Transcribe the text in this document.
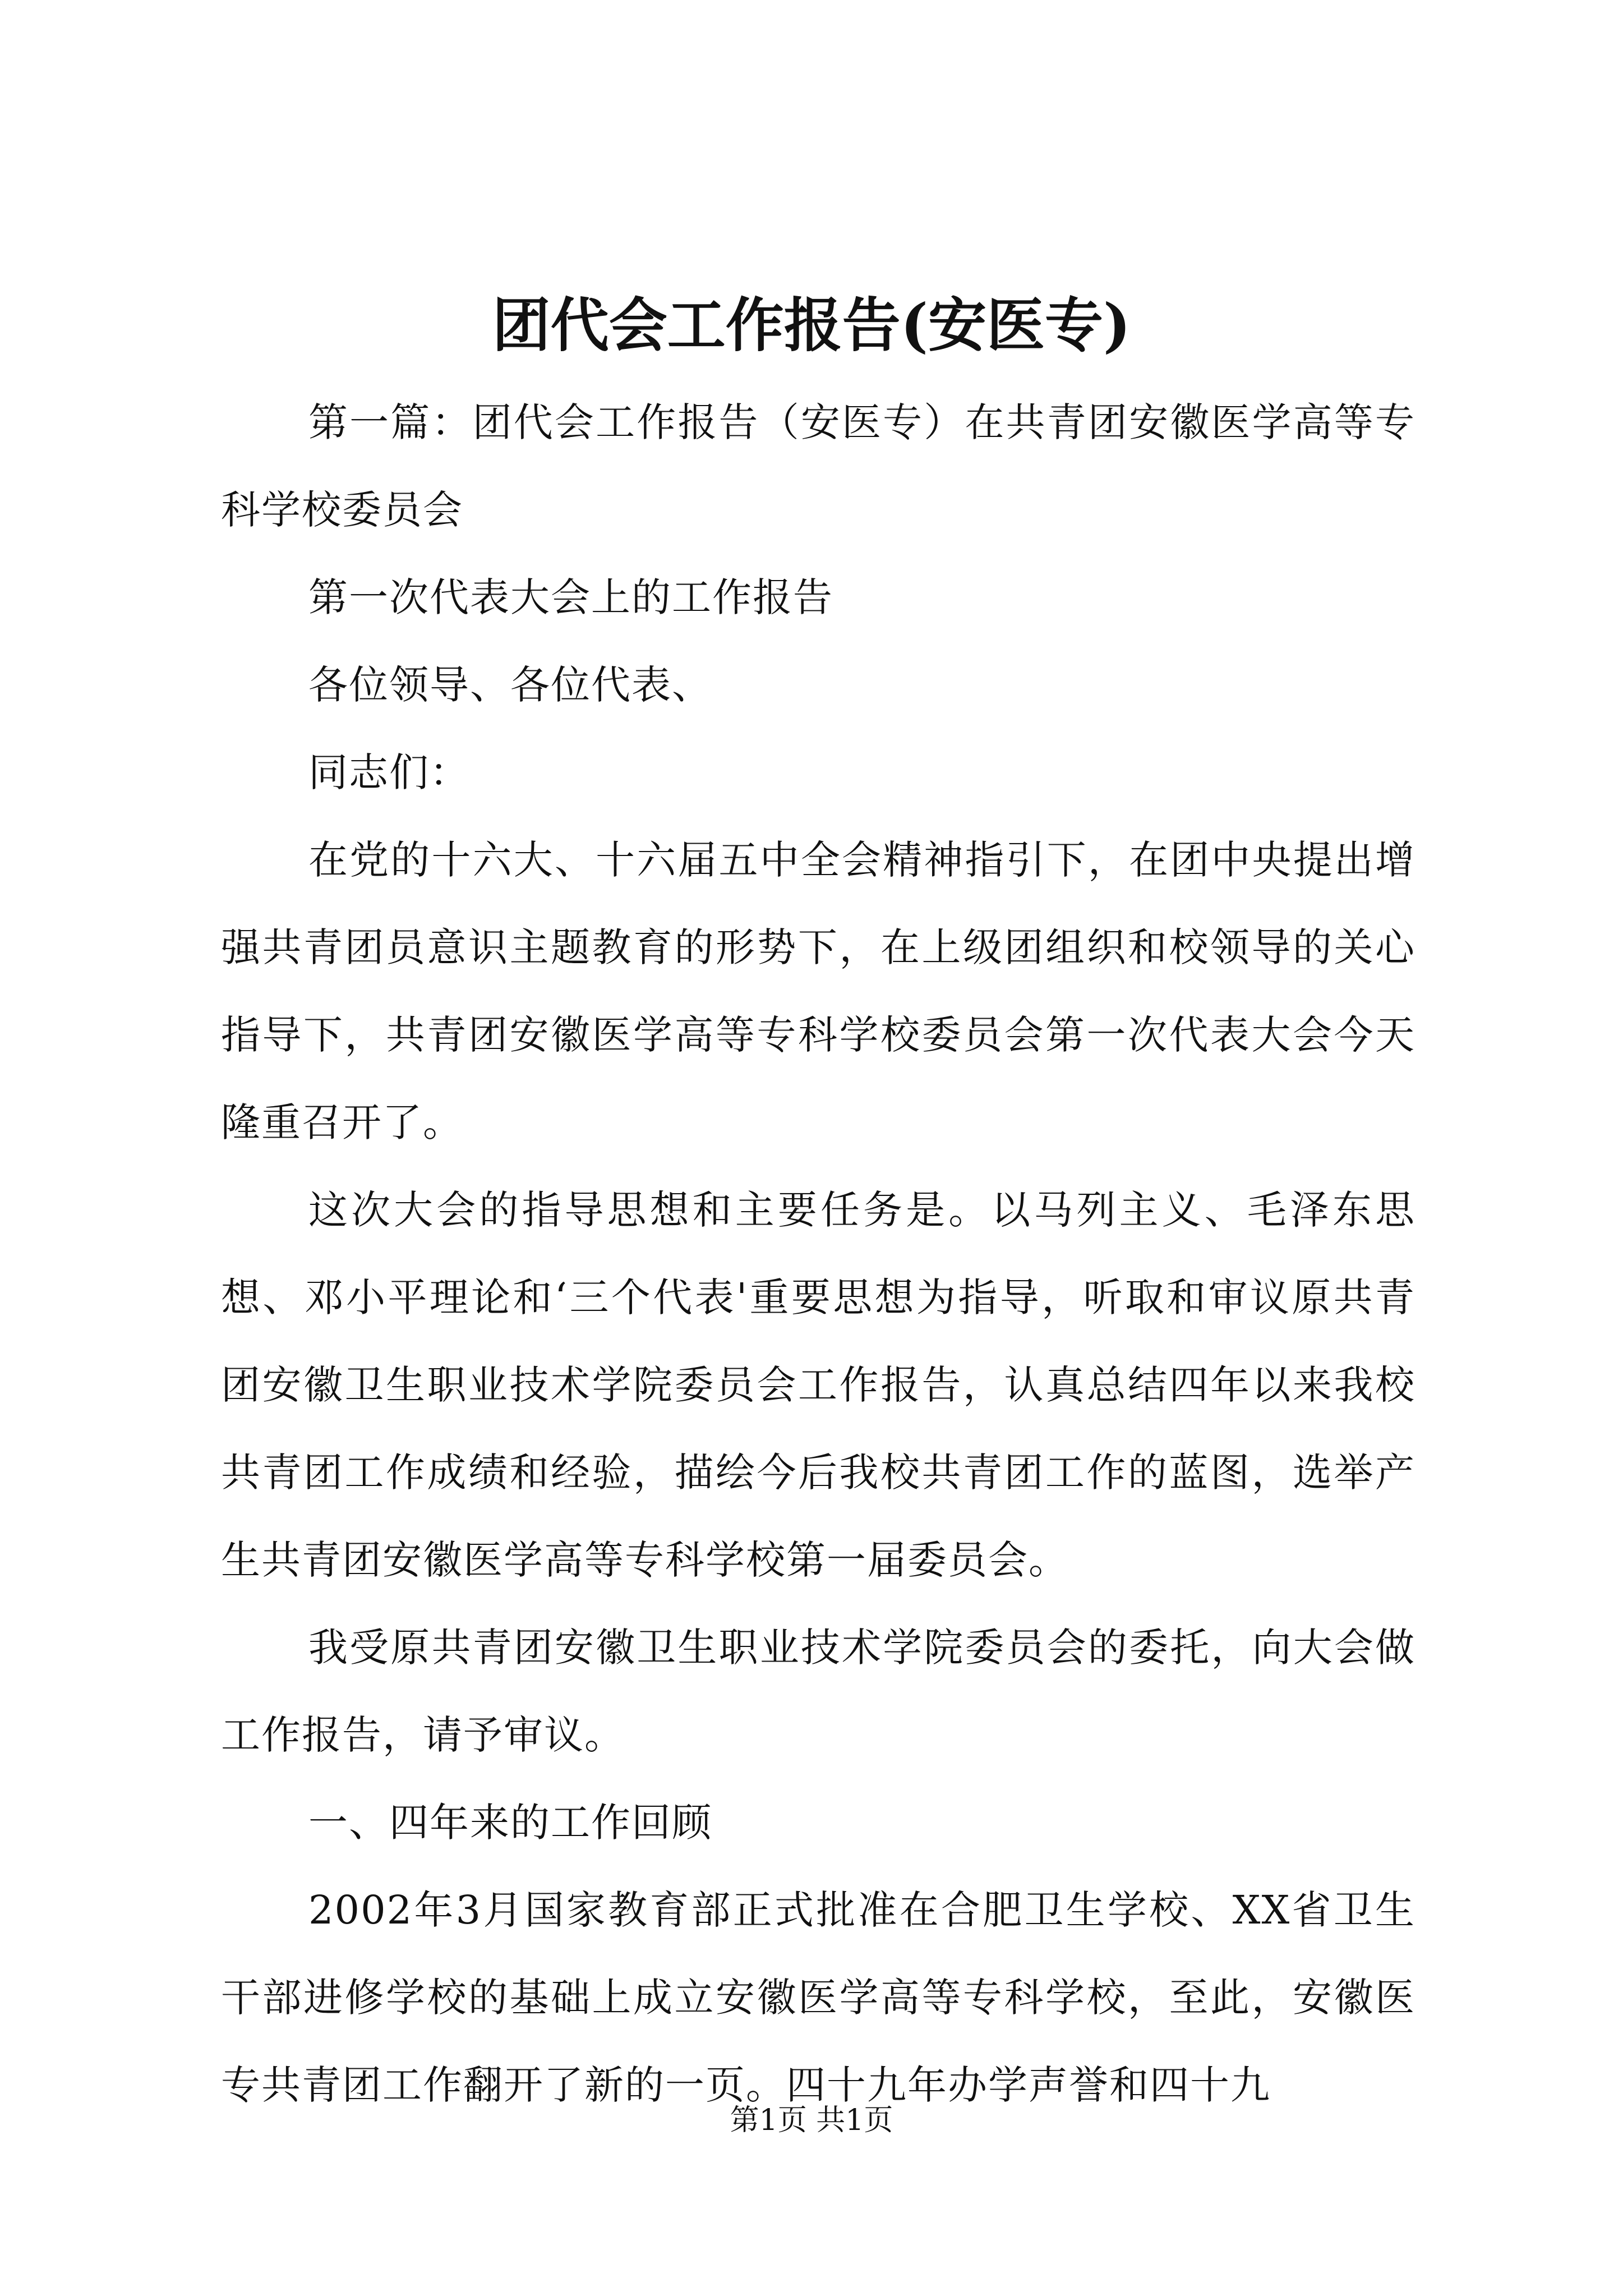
团代会工作报告(安医专)

第一篇：团代会工作报告（安医专）在共青团安徽医学高等专科学校委员会

第一次代表大会上的工作报告

各位领导、各位代表、

同志们：

在党的十六大、十六届五中全会精神指引下，在团中央提出增强共青团员意识主题教育的形势下，在上级团组织和校领导的关心指导下，共青团安徽医学高等专科学校委员会第一次代表大会今天隆重召开了。

这次大会的指导思想和主要任务是。以马列主义、毛泽东思想、邓小平理论和‘三个代表'重要思想为指导，听取和审议原共青团安徽卫生职业技术学院委员会工作报告，认真总结四年以来我校共青团工作成绩和经验，描绘今后我校共青团工作的蓝图，选举产生共青团安徽医学高等专科学校第一届委员会。

我受原共青团安徽卫生职业技术学院委员会的委托，向大会做工作报告，请予审议。

一、四年来的工作回顾

2002年3月国家教育部正式批准在合肥卫生学校、XX省卫生干部进修学校的基础上成立安徽医学高等专科学校，至此，安徽医专共青团工作翻开了新的一页。四十九年办学声誉和四十九

第1页 共1页
